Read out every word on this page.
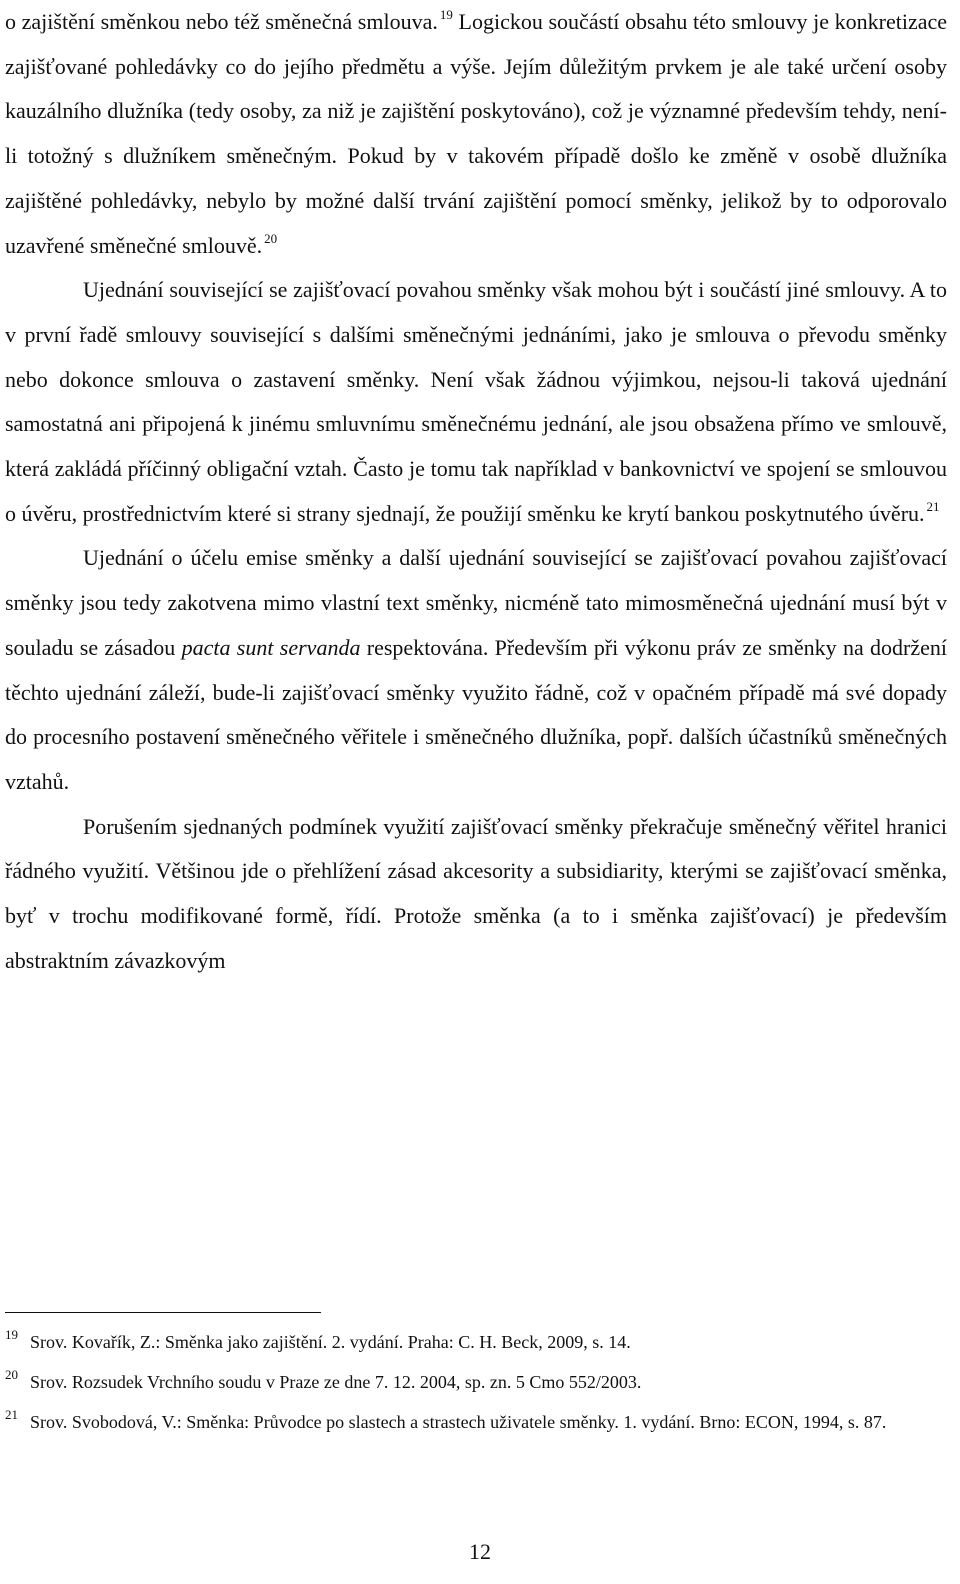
o zajištění směnkou nebo též směnečná smlouva. $^{19}$ Logickou součástí obsahu této smlouvy je konkretizace zajišťované pohledávky co do jejího předmětu a výše. Jejím důležitým prvkem je ale také určení osoby kauzálního dlužníka (tedy osoby, za niž je zajištění poskytováno), což je významné především tehdy, není-li totožný s dlužníkem směnečným. Pokud by v takovém případě došlo ke změně v osobě dlužníka zajištěné pohledávky, nebylo by možné další trvání zajištění pomocí směnky, jelikož by to odporovalo uzavřené směnečné smlouvě. $^{20}$

Ujednání související se zajišťovací povahou směnky však mohou být i součástí jiné smlouvy. A to v první řadě smlouvy související s dalšími směnečnými jednáními, jako je smlouva o převodu směnky nebo dokonce smlouva o zastavení směnky. Není však žádnou výjimkou, nejsou-li taková ujednání samostatná ani připojená k jinému smluvnímu směnečnému jednání, ale jsou obsažena přímo ve smlouvě, která zakládá příčinný obligační vztah. Často je tomu tak například v bankovnictví ve spojení se smlouvou o úvěru, prostřednictvím které si strany sjednají, že použijí směnku ke krytí bankou poskytnutého úvěru. $^{21}$

Ujednání o účelu emise směnky a další ujednání související se zajišťovací povahou zajišťovací směnky jsou tedy zakotvena mimo vlastní text směnky, nicméně tato mimosměnečná ujednání musí být v souladu se zásadou pacta sunt servanda respektována. Především při výkonu práv ze směnky na dodržení těchto ujednání záleží, bude-li zajišťovací směnky využito řádně, což v opačném případě má své dopady do procesního postavení směnečného věřitele i směnečného dlužníka, popř. dalších účastníků směnečných vztahů.

Porušením sjednaných podmínek využití zajišťovací směnky překračuje směnečný věřitel hranici řádného využití. Většinou jde o přehlížení zásad akcesority a subsidiarity, kterými se zajišťovací směnka, byť v trochu modifikované formě, řídí. Protože směnka (a to i směnka zajišťovací) je především abstraktním závazkovým

$^{19}$ Srov. Kovařík, Z.: Směnka jako zajištění. 2. vydání. Praha: C. H. Beck, 2009, s. 14.

$^{20}$ Srov. Rozsudek Vrchního soudu v Praze ze dne 7. 12. 2004, sp. zn. 5 Cmo 552/2003.

$^{21}$ Srov. Svobodová, V.: Směnka: Průvodce po slastech a strastech uživatele směnky. 1. vydání. Brno: ECON, 1994, s. 87.

12
